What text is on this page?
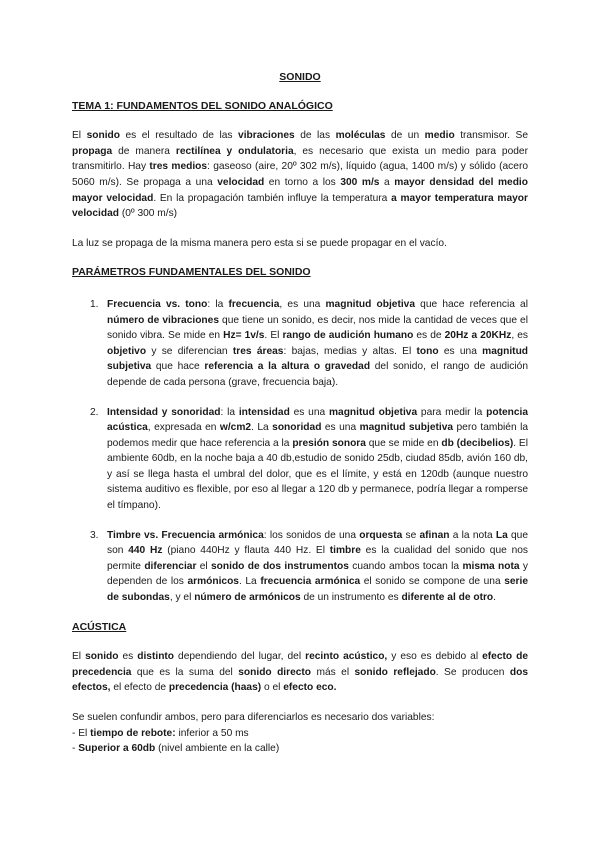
SONIDO
TEMA 1: FUNDAMENTOS DEL SONIDO ANALÓGICO

El sonido es el resultado de las vibraciones de las moléculas de un medio transmisor. Se propaga de manera rectilínea y ondulatoria, es necesario que exista un medio para poder transmitirlo. Hay tres medios: gaseoso (aire, 20º 302 m/s), líquido (agua, 1400 m/s) y sólido (acero 5060 m/s). Se propaga a una velocidad en torno a los 300 m/s a mayor densidad del medio mayor velocidad. En la propagación también influye la temperatura a mayor temperatura mayor velocidad (0º 300 m/s)

La luz se propaga de la misma manera pero esta si se puede propagar en el vacío.

PARÁMETROS FUNDAMENTALES DEL SONIDO
1. Frecuencia vs. tono: la frecuencia, es una magnitud objetiva que hace referencia al número de vibraciones que tiene un sonido, es decir, nos mide la cantidad de veces que el sonido vibra. Se mide en Hz= 1v/s. El rango de audición humano es de 20Hz a 20KHz, es objetivo y se diferencian tres áreas: bajas, medias y altas. El tono es una magnitud subjetiva que hace referencia a la altura o gravedad del sonido, el rango de audición depende de cada persona (grave, frecuencia baja).
2. Intensidad y sonoridad: la intensidad es una magnitud objetiva para medir la potencia acústica, expresada en w/cm2. La sonoridad es una magnitud subjetiva pero también la podemos medir que hace referencia a la presión sonora que se mide en db (decibelios). El ambiente 60db, en la noche baja a 40 db,estudio de sonido 25db, ciudad 85db, avión 160 db, y así se llega hasta el umbral del dolor, que es el límite, y está en 120db (aunque nuestro sistema auditivo es flexible, por eso al llegar a 120 db y permanece, podría llegar a romperse el tímpano).
3. Timbre vs. Frecuencia armónica: los sonidos de una orquesta se afinan a la nota La que son 440 Hz (piano 440Hz y flauta 440 Hz. El timbre es la cualidad del sonido que nos permite diferenciar el sonido de dos instrumentos cuando ambos tocan la misma nota y dependen de los armónicos. La frecuencia armónica el sonido se compone de una serie de subondas, y el número de armónicos de un instrumento es diferente al de otro.
ACÚSTICA

El sonido es distinto dependiendo del lugar, del recinto acústico, y eso es debido al efecto de precedencia que es la suma del sonido directo más el sonido reflejado. Se producen dos efectos, el efecto de precedencia (haas) o el efecto eco.

Se suelen confundir ambos, pero para diferenciarlos es necesario dos variables:

- El tiempo de rebote: inferior a 50 ms

- Superior a 60db (nivel ambiente en la calle)
